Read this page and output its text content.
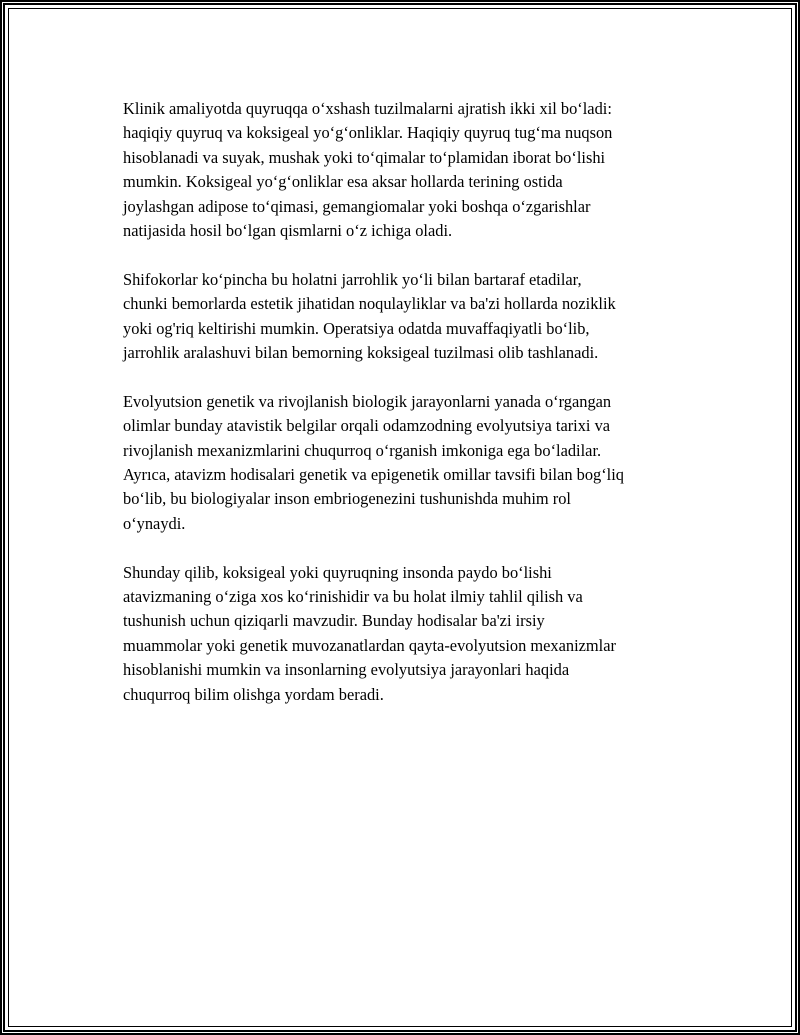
Klinik amaliyotda quyruqqa oʻxshash tuzilmalarni ajratish ikki xil boʻladi:
haqiqiy quyruq va koksigeal yoʻgʻonliklar. Haqiqiy quyruq tugʻma nuqson
hisoblanadi va suyak, mushak yoki toʻqimalar toʻplamidan iborat boʻlishi
mumkin. Koksigeal yoʻgʻonliklar esa aksar hollarda terining ostida
joylashgan adipose toʻqimasi, gemangiomalar yoki boshqa oʻzgarishlar
natijasida hosil boʻlgan qismlarni oʻz ichiga oladi.

Shifokorlar koʻpincha bu holatni jarrohlik yoʻli bilan bartaraf etadilar,
chunki bemorlarda estetik jihatidan noqulayliklar va ba'zi hollarda noziklik
yoki og'riq keltirishi mumkin. Operatsiya odatda muvaffaqiyatli boʻlib,
jarrohlik aralashuvi bilan bemorning koksigeal tuzilmasi olib tashlanadi.

Evolyutsion genetik va rivojlanish biologik jarayonlarni yanada oʻrgangan
olimlar bunday atavistik belgilar orqali odamzodning evolyutsiya tarixi va
rivojlanish mexanizmlarini chuqurroq oʻrganish imkoniga ega boʻladilar.
Ayrıca, atavizm hodisalari genetik va epigenetik omillar tavsifi bilan bogʻliq
boʻlib, bu biologiyalar inson embriogenezini tushunishda muhim rol
oʻynaydi.

Shunday qilib, koksigeal yoki quyruqning insonda paydo boʻlishi
atavizmaning oʻziga xos koʻrinishidir va bu holat ilmiy tahlil qilish va
tushunish uchun qiziqarli mavzudir. Bunday hodisalar ba'zi irsiy
muammolar yoki genetik muvozanatlardan qayta-evolyutsion mexanizmlar
hisoblanishi mumkin va insonlarning evolyutsiya jarayonlari haqida
chuqurroq bilim olishga yordam beradi.
